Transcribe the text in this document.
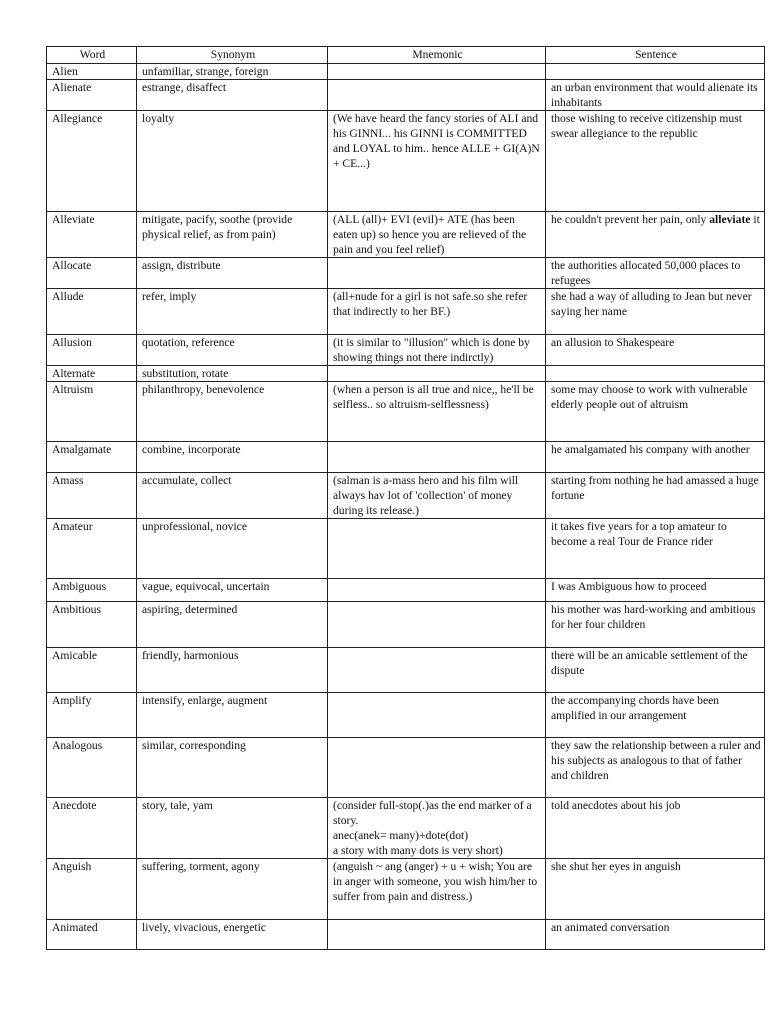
Word	Synonym	Mnemonic	Sentence
Alien	unfamiliar, strange, foreign		
Alienate	estrange, disaffect		an urban environment that would alienate its inhabitants
Allegiance	loyalty	(We have heard the fancy stories of ALI and his GINNI... his GINNI is COMMITTED and LOYAL to him.. hence ALLE + GI(A)N + CE...)	those wishing to receive citizenship must swear allegiance to the republic
Alleviate	mitigate, pacify, soothe (provide physical relief, as from pain)	(ALL (all)+ EVI (evil)+ ATE (has been eaten up) so hence you are relieved of the pain and you feel relief)	he couldn't prevent her pain, only alleviate it
Allocate	assign, distribute		the authorities allocated 50,000 places to refugees
Allude	refer, imply	(all+nude for a girl is not safe.so she refer that indirectly to her BF.)	she had a way of alluding to Jean but never saying her name
Allusion	quotation, reference	(it is similar to "illusion" which is done by showing things not there indirctly)	an allusion to Shakespeare
Alternate	substitution, rotate		
Altruism	philanthropy, benevolence	(when a person is all true and nice,, he'll be selfless.. so altruism-selflessness)	some may choose to work with vulnerable elderly people out of altruism
Amalgamate	combine, incorporate		he amalgamated his company with another
Amass	accumulate, collect	(salman is a-mass hero and his film will always hav lot of 'collection' of money during its release.)	starting from nothing he had amassed a huge fortune
Amateur	unprofessional, novice		it takes five years for a top amateur to become a real Tour de France rider
Ambiguous	vague, equivocal, uncertain		I was Ambiguous how to proceed
Ambitious	aspiring, determined		his mother was hard-working and ambitious for her four children
Amicable	friendly, harmonious		there will be an amicable settlement of the dispute
Amplify	intensify, enlarge, augment		the accompanying chords have been amplified in our arrangement
Analogous	similar, corresponding		they saw the relationship between a ruler and his subjects as analogous to that of father and children
Anecdote	story, tale, yam	(consider full-stop(.)as the end marker of a story.
anec(anek= many)+dote(dot)
a story with many dots is very short)	told anecdotes about his job
Anguish	suffering, torment, agony	(anguish ~ ang (anger) + u + wish; You are in anger with someone, you wish him/her to suffer from pain and distress.)	she shut her eyes in anguish
Animated	lively, vivacious, energetic		an animated conversation
